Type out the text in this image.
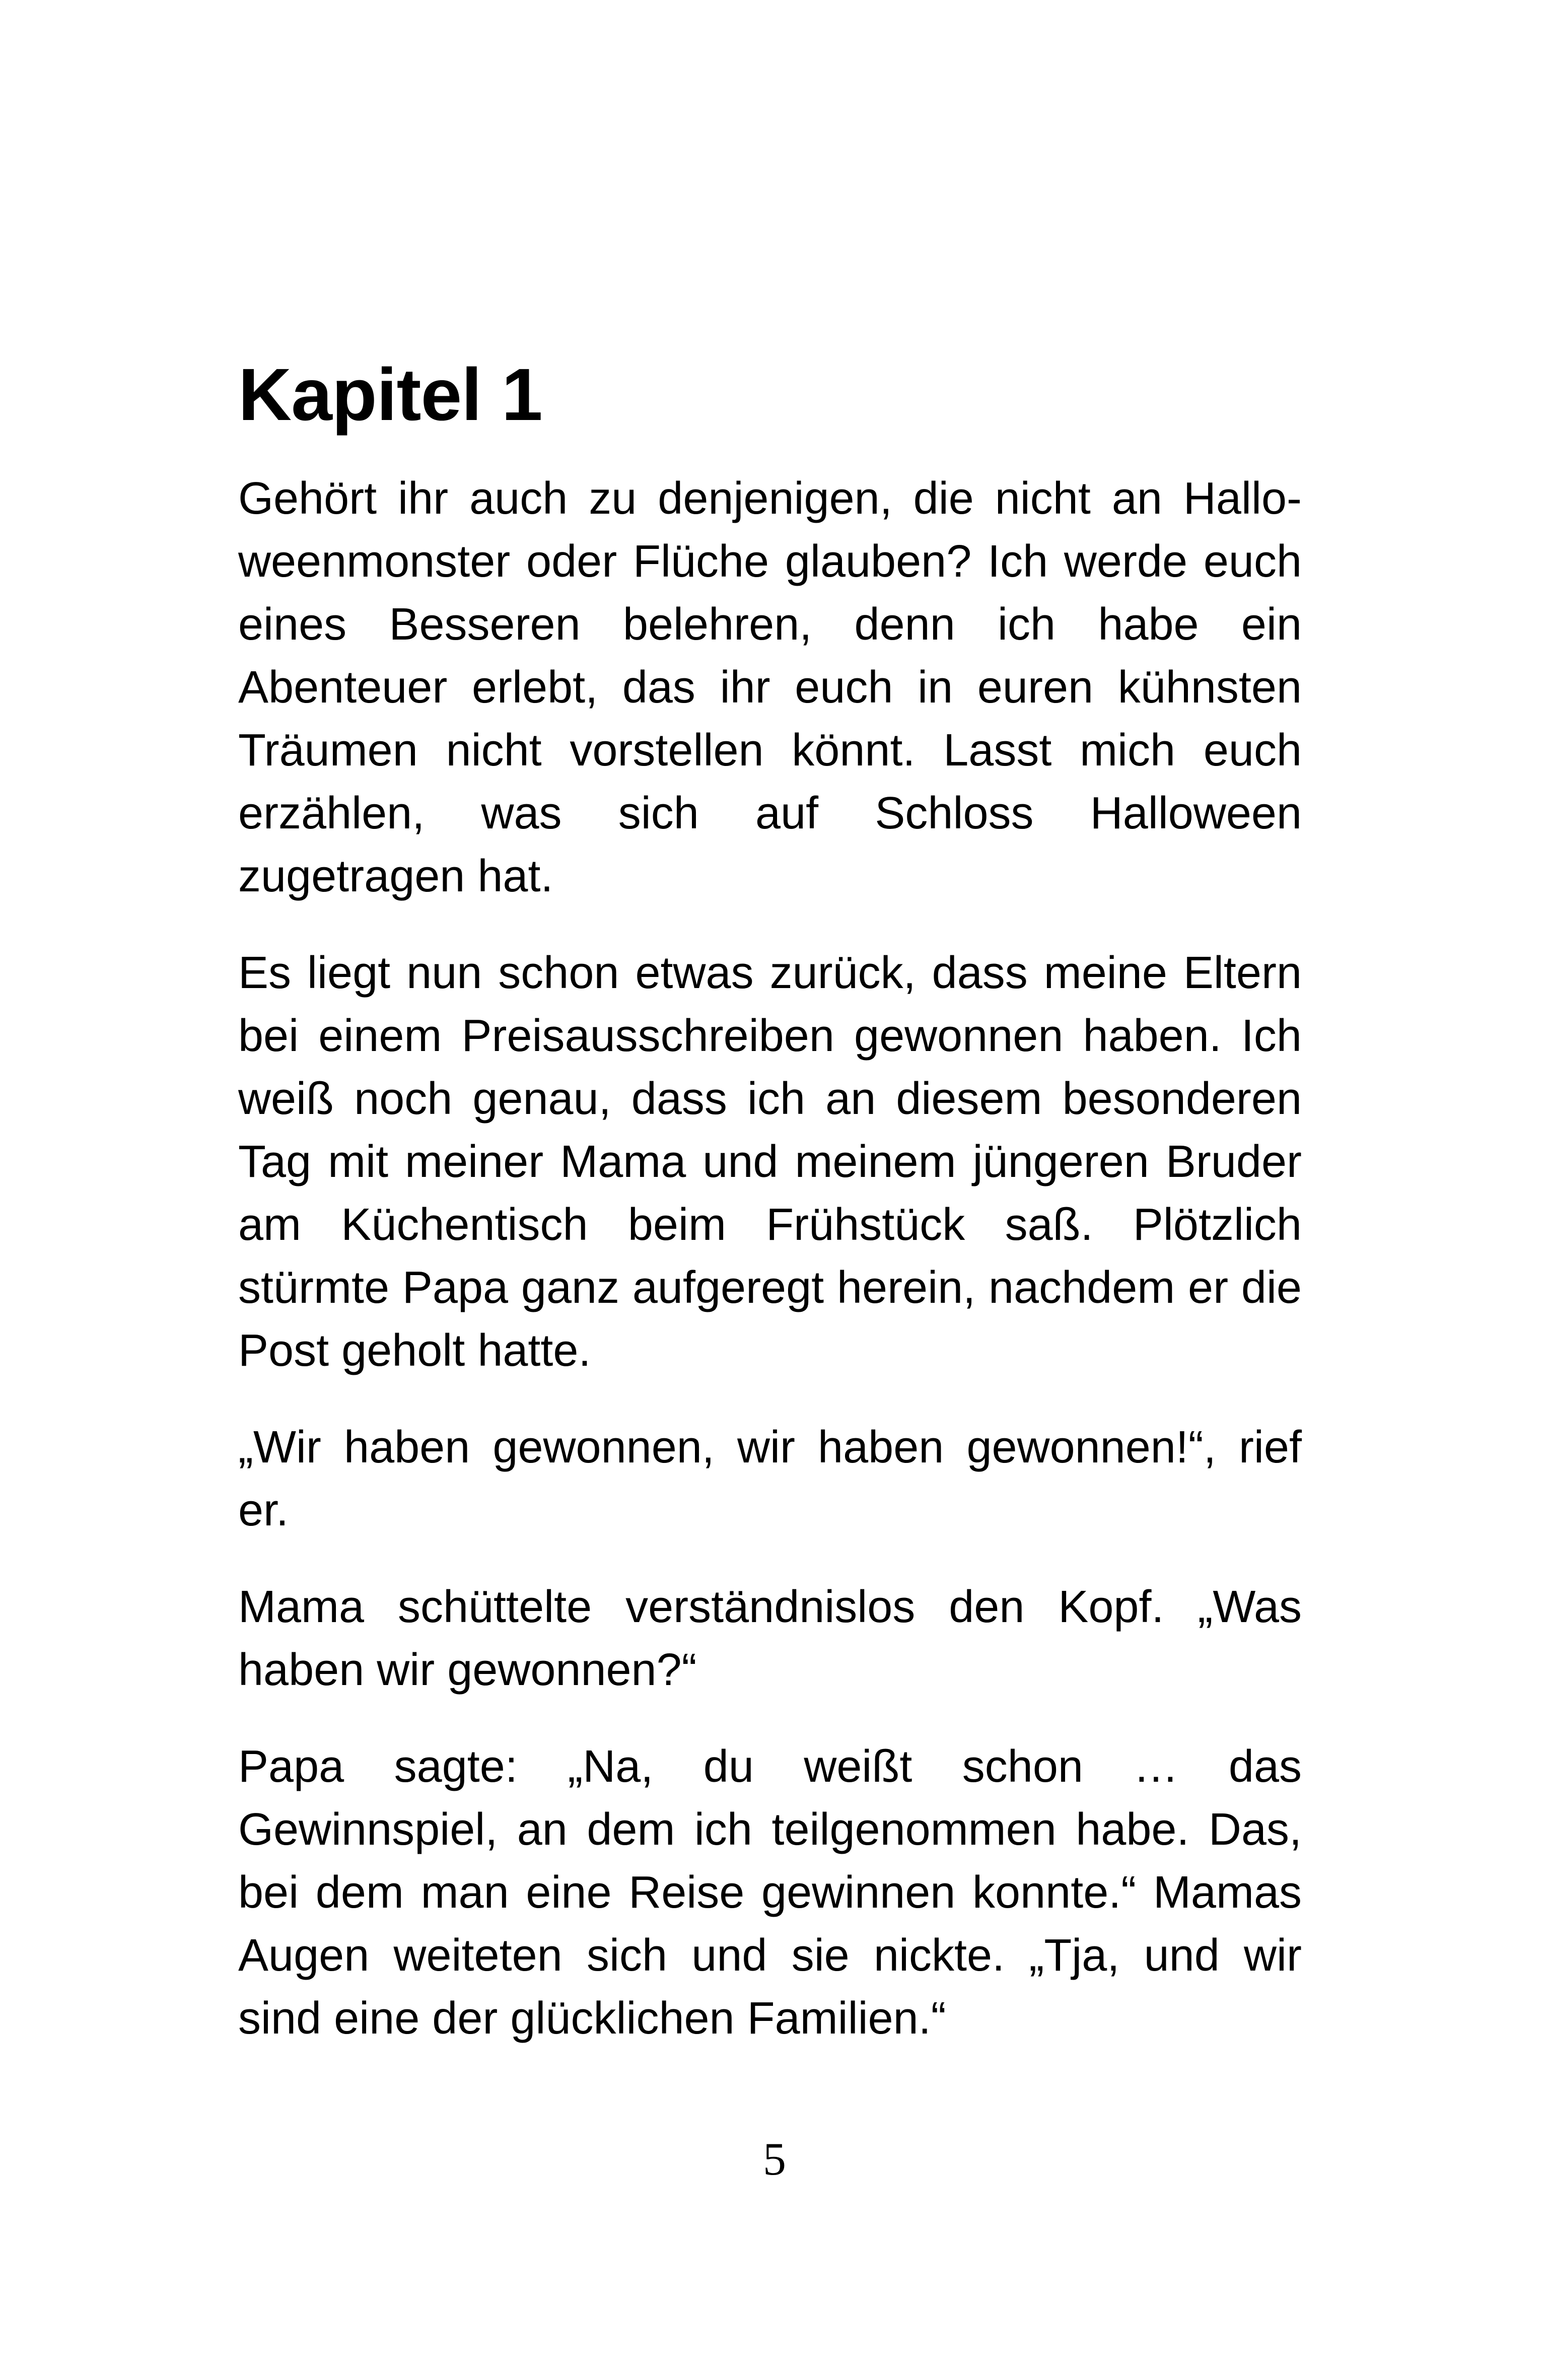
Kapitel 1

Gehört ihr auch zu denjenigen, die nicht an Halloweenmonster oder Flüche glauben? Ich werde euch eines Besseren belehren, denn ich habe ein Abenteuer erlebt, das ihr euch in euren kühnsten Träumen nicht vorstellen könnt. Lasst mich euch erzählen, was sich auf Schloss Halloween zugetragen hat.

Es liegt nun schon etwas zurück, dass meine Eltern bei einem Preisausschreiben gewonnen haben. Ich weiß noch genau, dass ich an diesem besonderen Tag mit meiner Mama und meinem jüngeren Bruder am Küchentisch beim Frühstück saß. Plötzlich stürmte Papa ganz aufgeregt herein, nachdem er die Post geholt hatte.

„Wir haben gewonnen, wir haben gewonnen!“, rief er.

Mama schüttelte verständnislos den Kopf. „Was haben wir gewonnen?“

Papa sagte: „Na, du weißt schon … das Gewinnspiel, an dem ich teilgenommen habe. Das, bei dem man eine Reise gewinnen konnte.“ Mamas Augen weiteten sich und sie nickte. „Tja, und wir sind eine der glücklichen Familien.“

5
